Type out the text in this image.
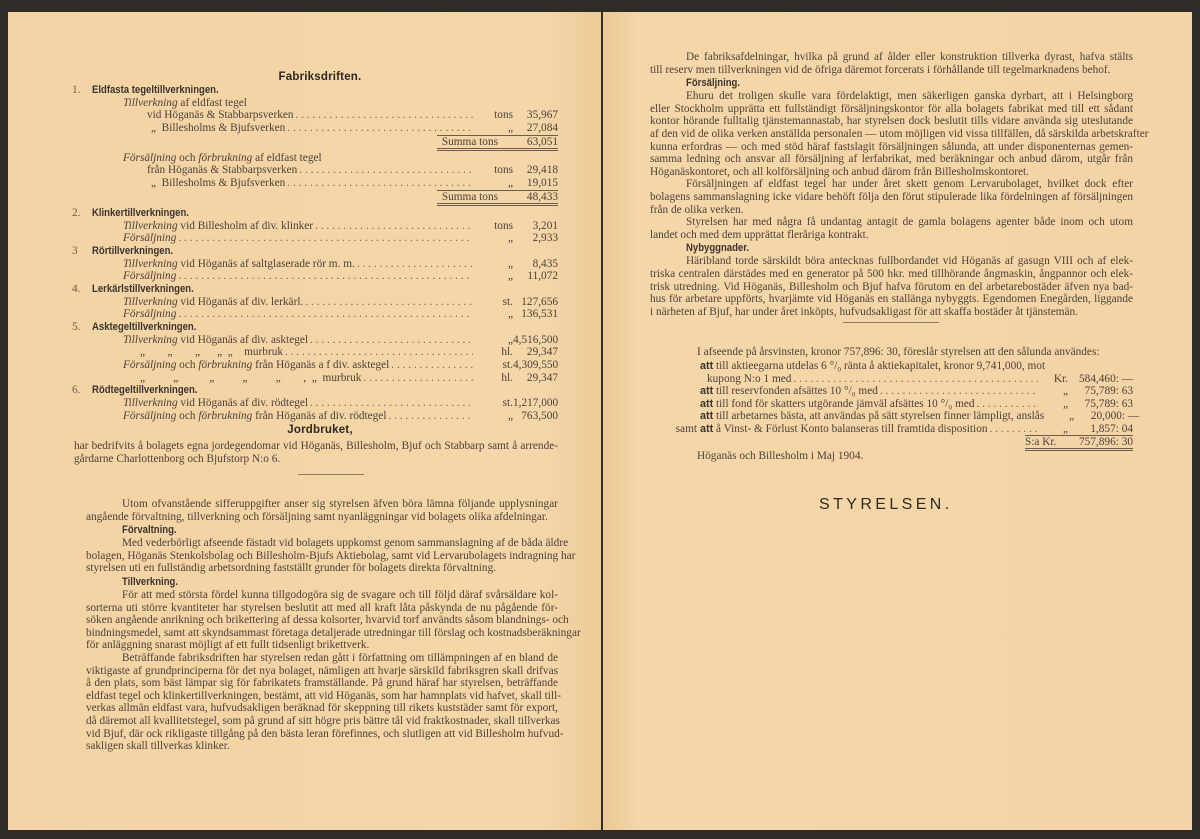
Fabriksdriften.
1.	Eldfasta tegeltillverkningen.
Tillverkning af eldfast tegel
vid Höganäs & Stabbarpsverken . . .	tons	35,967
„  Billesholms & Bjufsverken . . .	„	27,084
Summa tons	63,051
Försäljning och förbrukning af eldfast tegel
från Höganäs & Stabbarpsverken . . .	tons	29,418
„  Billesholms & Bjufsverken . . .	„	19,015
Summa tons	48,433
2.	Klinkertillverkningen.
Tillverkning vid Billesholm af div. klinker . . .	tons	3,201
Försäljning . . .	„	2,933
3	Rörtillverkningen.
Tillverkning vid Höganäs af saltglaserade rör m. m. . . .	„	8,435
Försäljning . . .	„	11,072
4.	Lerkärlstillverkningen.
Tillverkning vid Höganäs af div. lerkärl. . . .	st. 127,656
Försäljning . . .	„ 136,531
5.	Asktegeltillverkningen.
Tillverkning vid Höganäs af div. asktegel . . .	„ 4,516,500
„        „        „      „  „    murbruk . . .	hl.	29,347
Försäljning och förbrukning från Höganäs a f div. asktegel . . .	st. 4,309,550
„          „           „          „          „        ,  „  murbruk . . .	hl.	29,347
6.	Rödtegeltillverkningen.
Tillverkning vid Höganäs af div. rödtegel . . .	st. 1,217,000
Försäljning och förbrukning från Höganäs af div. rödtegel . . .	„ 763,500
Jordbruket,
har bedrifvits å bolagets egna jordegendomar vid Höganäs, Billesholm, Bjuf och Stabbarp samt å arrende-
gårdarne Charlottenborg och Bjufstorp N:o 6.
Utom ofvanstående sifferuppgifter anser sig styrelsen äfven böra lämna följande upplysningar
angående förvaltning, tillverkning och försäljning samt nyanläggningar vid bolagets olika afdelningar.
Förvaltning.
Med vederbörligt afseende fästadt vid bolagets uppkomst genom sammanslagning af de båda äldre
bolagen, Höganäs Stenkolsbolag och Billesholm-Bjufs Aktiebolag, samt vid Lervarubolagets indragning har
styrelsen uti en fullständig arbetsordning fastställt grunder för bolagets direkta förvaltning.
Tillverkning.
För att med största fördel kunna tillgodogöra sig de svagare och till följd däraf svårsäldare kol-
sorterna uti större kvantiteter har styrelsen beslutit att med all kraft låta påskynda de nu pågående för-
söken angående anrikning och brikettering af dessa kolsorter, hvarvid torf användts såsom blandnings- och
bindningsmedel, samt att skyndsammast företaga detaljerade utredningar till förslag och kostnadsberäkningar
för anläggning snarast möjligt af ett fullt tidsenligt brikettverk.
Beträffande fabriksdriften har styrelsen redan gått i författning om tillämpningen af en bland de
viktigaste af grundprinciperna för det nya bolaget, nämligen att hvarje särskild fabriksgren skall drifvas
å den plats, som bäst lämpar sig för fabrikatets framställande. På grund häraf har styrelsen, beträffande
eldfast tegel och klinkertillverkningen, bestämt, att vid Höganäs, som har hamnplats vid hafvet, skall till-
verkas allmän eldfast vara, hufvudsakligen beräknad för skeppning till rikets kuststäder samt för export,
då däremot all kvallitetstegel, som på grund af sitt högre pris bättre tål vid fraktkostnader, skall tillverkas
vid Bjuf, där ock rikligaste tillgång på den bästa leran förefinnes, och slutligen att vid Billesholm hufvud-
sakligen skall tillverkas klinker.
De fabriksafdelningar, hvilka på grund af ålder eller konstruktion tillverka dyrast, hafva stälts
till reserv men tillverkningen vid de öfriga däremot forcerats i förhållande till tegelmarknadens behof.
Försäljning.
Ehuru det troligen skulle vara fördelaktigt, men säkerligen ganska dyrbart, att i Helsingborg
eller Stockholm upprätta ett fullständigt försäljningskontor för alla bolagets fabrikat med till ett sådant
kontor hörande fulltalig tjänstemannastab, har styrelsen dock beslutit tills vidare använda sig uteslutande
af den vid de olika verken anställda personalen — utom möjligen vid vissa tillfällen, då särskilda arbetskrafter
kunna erfordras — och med stöd häraf fastslagit försäljningen sålunda, att under disponenternas gemen-
samma ledning och ansvar all försäljning af lerfabrikat, med beräkningar och anbud därom, utgår från
Höganäskontoret, och all kolförsäljning och anbud därom från Billesholmskontoret.
Försäljningen af eldfast tegel har under året skett genom Lervarubolaget, hvilket dock efter
bolagens sammanslagning icke vidare behöft följa den förut stipulerade lika fördelningen af försäljningen
från de olika verken.
Styrelsen har med några få undantag antagit de gamla bolagens agenter både inom och utom
landet och med dem upprättat fleråriga kontrakt.
Nybyggnader.
Häribland torde särskildt böra antecknas fullbordandet vid Höganäs af gasugn VIII och af elek-
triska centralen därstädes med en generator på 500 hkr. med tillhörande ångmaskin, ångpannor och elek-
trisk utredning. Vid Höganäs, Billesholm och Bjuf hafva förutom en del arbetarebostäder äfven nya bad-
hus för arbetare uppförts, hvarjämte vid Höganäs en stallänga nybyggts. Egendomen Enegården, liggande
i närheten af Bjuf, har under året inköpts, hufvudsakligast för att skaffa bostäder åt tjänstemän.
I afseende på årsvinsten, kronor 757,896: 30, föreslår styrelsen att den sålunda användes:
att till aktieegarna utdelas 6 °/₀ ränta å aktiekapitalet, kronor 9,741,000, mot
kupong N:o 1 med . . .	Kr. 584,460: —
att till reservfonden afsättes 10 °/₀ med . . .	„	75,789: 63
att till fond för skatters utgörande jämväl afsättes 10 °/₀ med . . .	„	75,789: 63
att till arbetarnes bästa, att användas på sätt styrelsen finner lämpligt, anslås	„	20,000: —
samt att å Vinst- & Förlust Konto balanseras till framtida disposition . . .	„	1,857: 04
S:a Kr. 757,896: 30
Höganäs och Billesholm i Maj 1904.
STYRELSEN.
